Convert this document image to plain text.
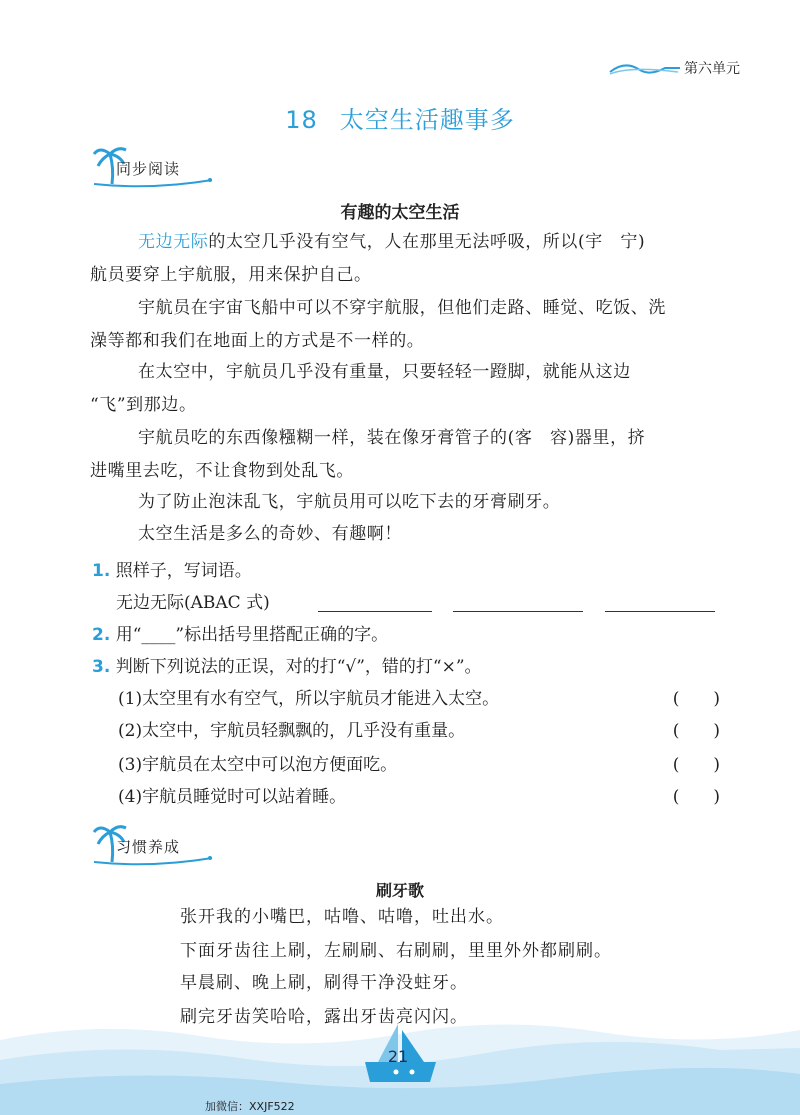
第六单元
18 太空生活趣事多
同步阅读
有趣的太空生活
无边无际的太空几乎没有空气，人在那里无法呼吸，所以(宇　宁)
航员要穿上宇航服，用来保护自己。
宇航员在宇宙飞船中可以不穿宇航服，但他们走路、睡觉、吃饭、洗
澡等都和我们在地面上的方式是不一样的。
在太空中，宇航员几乎没有重量，只要轻轻一蹬脚，就能从这边
“飞”到那边。
宇航员吃的东西像糨糊一样，装在像牙膏管子的(客　容)器里，挤
进嘴里去吃，不让食物到处乱飞。
为了防止泡沫乱飞，宇航员用可以吃下去的牙膏刷牙。
太空生活是多么的奇妙、有趣啊！
1. 照样子，写词语。
无边无际(ABAC 式)
2. 用“____”标出括号里搭配正确的字。
3. 判断下列说法的正误，对的打“√”，错的打“×”。
(1)太空里有水有空气，所以宇航员才能进入太空。	(　　)
(2)太空中，宇航员轻飘飘的，几乎没有重量。	(　　)
(3)宇航员在太空中可以泡方便面吃。	(　　)
(4)宇航员睡觉时可以站着睡。	(　　)
习惯养成
刷牙歌
张开我的小嘴巴，咕噜、咕噜，吐出水。
下面牙齿往上刷，左刷刷、右刷刷，里里外外都刷刷。
早晨刷、晚上刷，刷得干净没蛀牙。
刷完牙齿笑哈哈，露出牙齿亮闪闪。
21
加微信：XXJF522
